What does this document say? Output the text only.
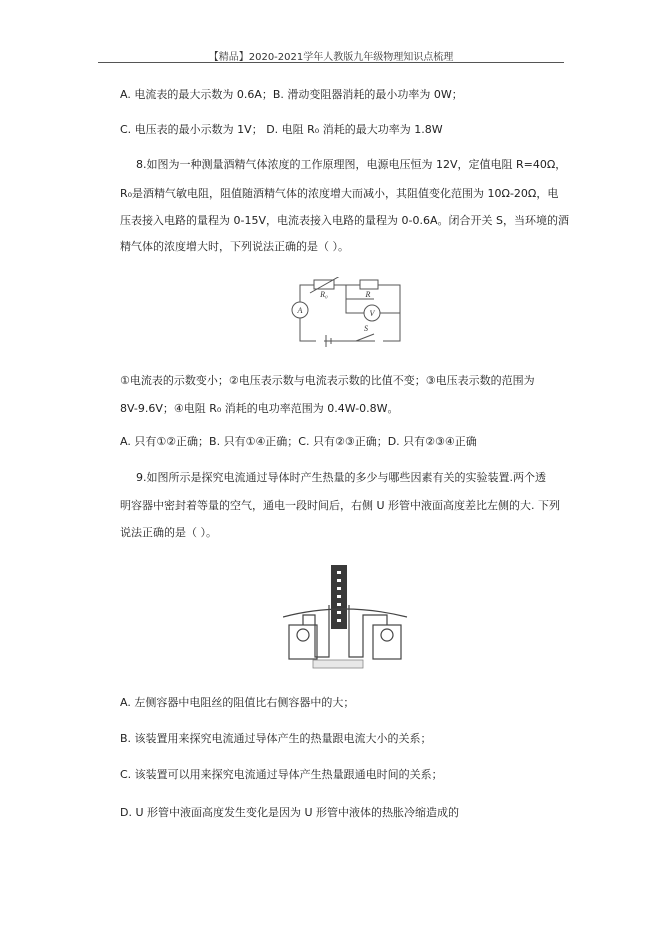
【精品】2020-2021学年人教版九年级物理知识点梳理
A. 电流表的最大示数为 0.6A；B. 滑动变阻器消耗的最小功率为 0W；
C. 电压表的最小示数为 1V； D. 电阻 R₀ 消耗的最大功率为 1.8W
8.如图为一种测量酒精气体浓度的工作原理图，电源电压恒为 12V，定值电阻 R=40Ω，
R₀是酒精气敏电阻，阻值随酒精气体的浓度增大而减小，其阻值变化范围为 10Ω-20Ω，电
压表接入电路的量程为 0-15V，电流表接入电路的量程为 0-0.6A。闭合开关 S，当环境的酒
精气体的浓度增大时，下列说法正确的是（ ）。
R₀	R
A	V
S
①电流表的示数变小；②电压表示数与电流表示数的比值不变；③电压表示数的范围为
8V-9.6V；④电阻 R₀ 消耗的电功率范围为 0.4W-0.8W。
A. 只有①②正确；B. 只有①④正确；C. 只有②③正确；D. 只有②③④正确
9.如图所示是探究电流通过导体时产生热量的多少与哪些因素有关的实验装置.两个透
明容器中密封着等量的空气，通电一段时间后，右侧 U 形管中液面高度差比左侧的大. 下列
说法正确的是（ ）。
A. 左侧容器中电阻丝的阻值比右侧容器中的大；
B. 该装置用来探究电流通过导体产生的热量跟电流大小的关系；
C. 该装置可以用来探究电流通过导体产生热量跟通电时间的关系；
D. U 形管中液面高度发生变化是因为 U 形管中液体的热胀冷缩造成的
